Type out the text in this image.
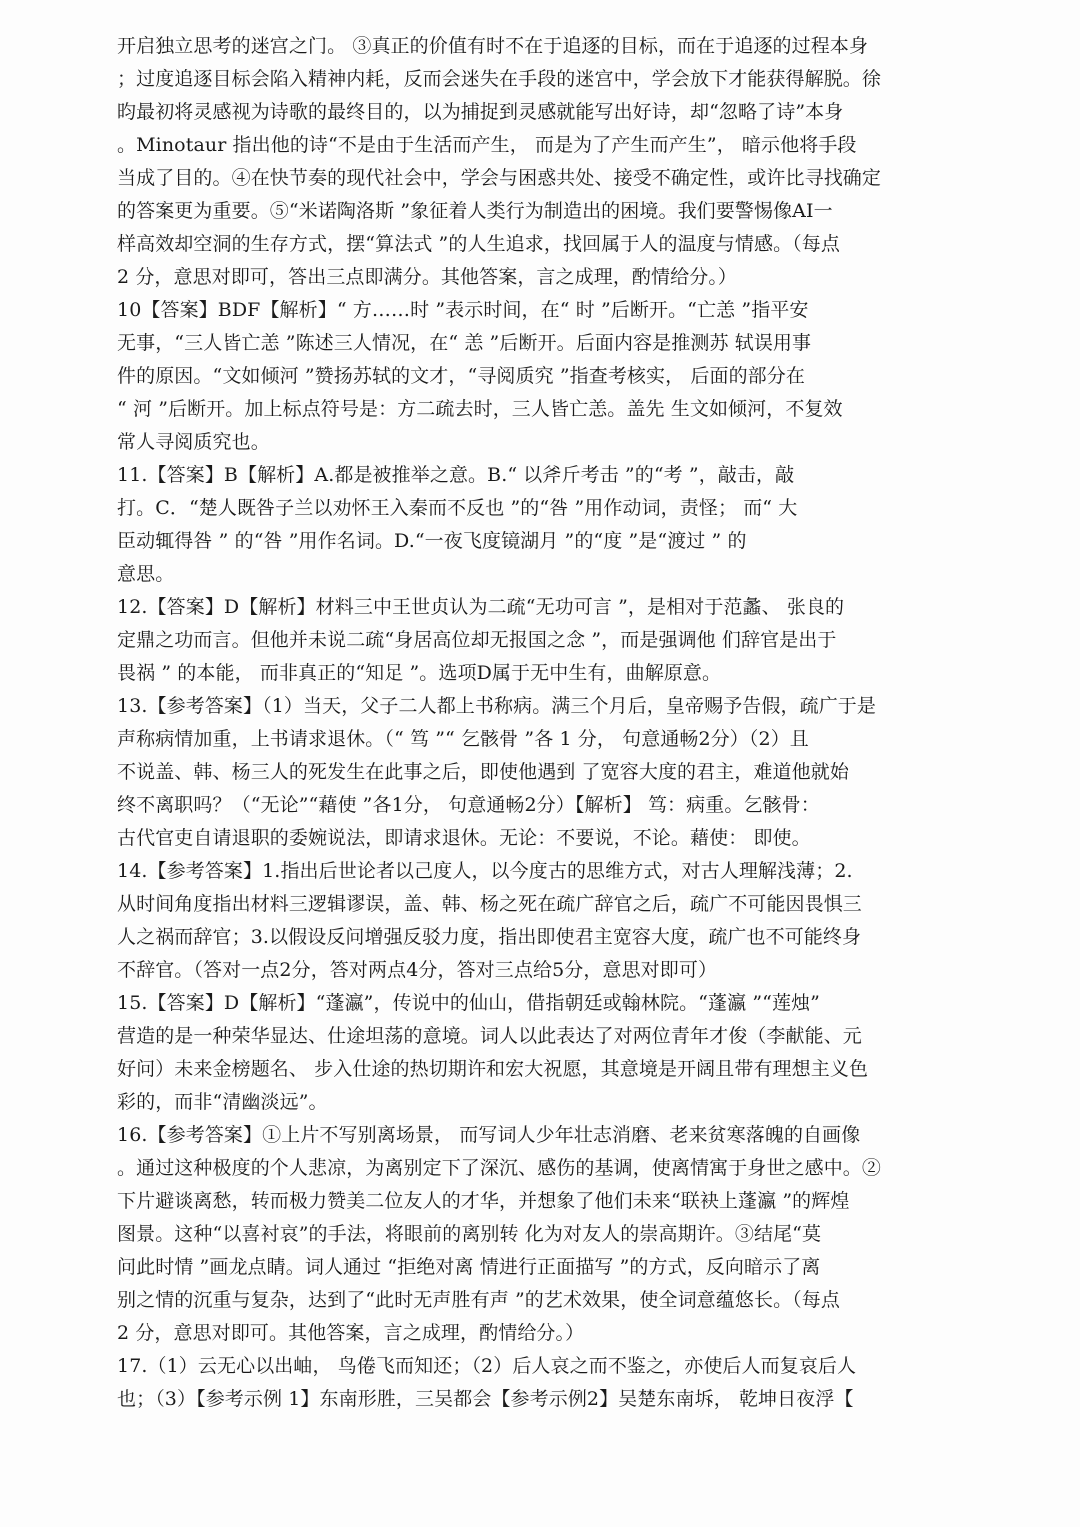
开启独立思考的迷宫之门。 ③真正的价值有时不在于追逐的目标，而在于追逐的过程本身
；过度追逐目标会陷入精神内耗，反而会迷失在手段的迷宫中，学会放下才能获得解脱。徐
昀最初将灵感视为诗歌的最终目的，以为捕捉到灵感就能写出好诗，却“忽略了诗”本身
。Minotaur 指出他的诗“不是由于生活而产生， 而是为了产生而产生”， 暗示他将手段
当成了目的。④在快节奏的现代社会中，学会与困惑共处、接受不确定性，或许比寻找确定
的答案更为重要。⑤“米诺陶洛斯 ”象征着人类行为制造出的困境。我们要警惕像AI一
样高效却空洞的生存方式，摆“算法式 ”的人生追求，找回属于人的温度与情感。（每点
2 分，意思对即可，答出三点即满分。其他答案，言之成理，酌情给分。）
10【答案】BDF【解析】“ 方……时 ”表示时间，在“ 时 ”后断开。“亡恙 ”指平安
无事，“三人皆亡恙 ”陈述三人情况，在“ 恙 ”后断开。后面内容是推测苏 轼误用事
件的原因。“文如倾河 ”赞扬苏轼的文才，“寻阅质究 ”指查考核实， 后面的部分在
“ 河 ”后断开。加上标点符号是：方二疏去时，三人皆亡恙。盖先 生文如倾河，不复效
常人寻阅质究也。
11.【答案】B【解析】A.都是被推举之意。B.“ 以斧斤考击 ”的“考 ”，敲击，敲
打。C．“楚人既咎子兰以劝怀王入秦而不反也 ”的“咎 ”用作动词，责怪； 而“ 大
臣动辄得咎 ” 的“咎 ”用作名词。D.“一夜飞度镜湖月 ”的“度 ”是“渡过 ” 的
意思。
12.【答案】D【解析】材料三中王世贞认为二疏“无功可言 ”，是相对于范蠡、 张良的
定鼎之功而言。但他并未说二疏“身居高位却无报国之念 ”，而是强调他 们辞官是出于
畏祸 ” 的本能， 而非真正的“知足 ”。选项D属于无中生有，曲解原意。
13.【参考答案】（1）当天，父子二人都上书称病。满三个月后，皇帝赐予告假，疏广于是
声称病情加重，上书请求退休。（“ 笃 ”“ 乞骸骨 ”各 1 分， 句意通畅2分）（2）且
不说盖、韩、杨三人的死发生在此事之后，即使他遇到 了宽容大度的君主，难道他就始
终不离职吗？（“无论”“藉使 ”各1分， 句意通畅2分）【解析】 笃：病重。乞骸骨：
古代官吏自请退职的委婉说法，即请求退休。无论：不要说，不论。藉使： 即使。
14.【参考答案】1.指出后世论者以己度人，以今度古的思维方式，对古人理解浅薄；2.
从时间角度指出材料三逻辑谬误，盖、韩、杨之死在疏广辞官之后，疏广不可能因畏惧三
人之祸而辞官；3.以假设反问增强反驳力度，指出即使君主宽容大度，疏广也不可能终身
不辞官。（答对一点2分，答对两点4分，答对三点给5分，意思对即可）
15.【答案】D【解析】“蓬瀛”，传说中的仙山，借指朝廷或翰林院。“蓬瀛 ”“莲烛”
营造的是一种荣华显达、仕途坦荡的意境。词人以此表达了对两位青年才俊（李献能、元
好问）未来金榜题名、 步入仕途的热切期许和宏大祝愿，其意境是开阔且带有理想主义色
彩的，而非“清幽淡远”。
16.【参考答案】①上片不写别离场景， 而写词人少年壮志消磨、老来贫寒落魄的自画像
。通过这种极度的个人悲凉，为离别定下了深沉、感伤的基调，使离情寓于身世之感中。②
下片避谈离愁，转而极力赞美二位友人的才华，并想象了他们未来“联袂上蓬瀛 ”的辉煌
图景。这种“以喜衬哀”的手法，将眼前的离别转 化为对友人的崇高期许。③结尾“莫
问此时情 ”画龙点睛。词人通过 “拒绝对离 情进行正面描写 ”的方式，反向暗示了离
别之情的沉重与复杂，达到了“此时无声胜有声 ”的艺术效果，使全词意蕴悠长。（每点
2 分，意思对即可。其他答案，言之成理，酌情给分。）
17.（1）云无心以出岫， 鸟倦飞而知还；（2）后人哀之而不鉴之，亦使后人而复哀后人
也；（3）【参考示例 1】东南形胜，三吴都会【参考示例2】吴楚东南坼， 乾坤日夜浮【
